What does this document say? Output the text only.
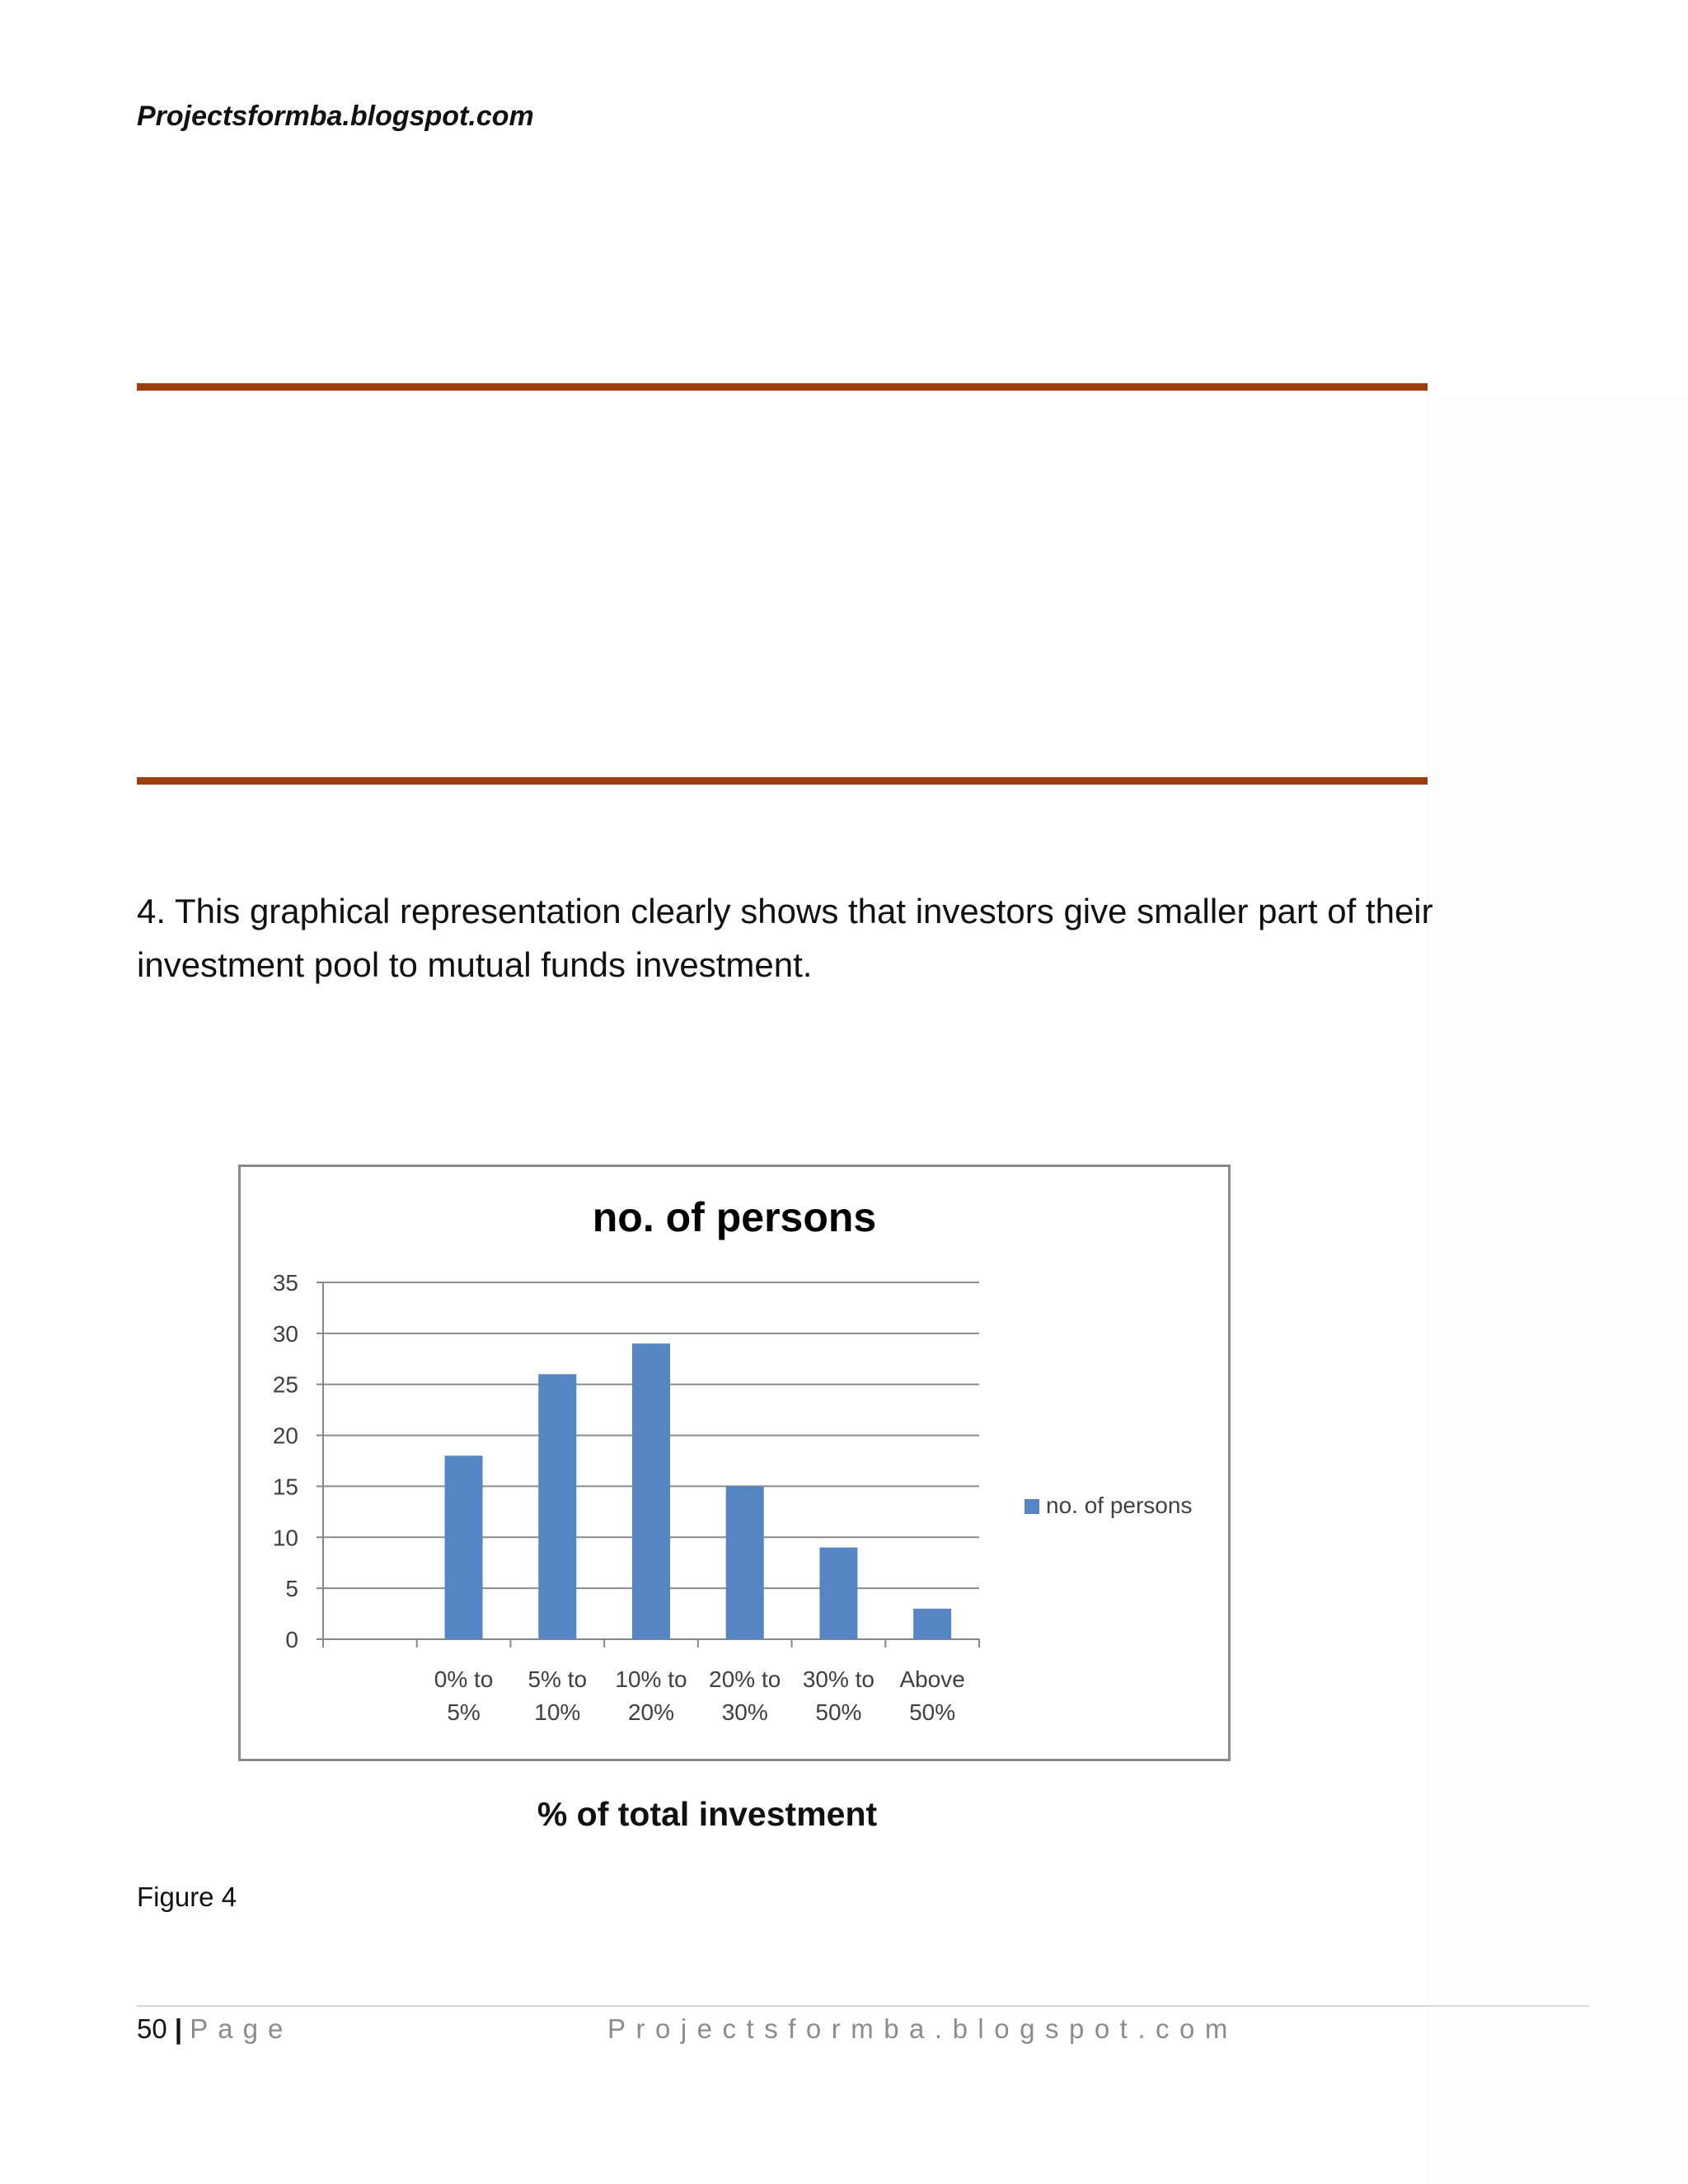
Projectsformba.blogspot.com
4. This graphical representation clearly shows that investors give smaller part of their investment pool to mutual funds investment.
no. of persons
0
5
10
15
20
25
30
35
0% to
5%
5% to
10%
10% to
20%
20% to
30%
30% to
50%
Above
50%
no. of persons
% of total investment
Figure 4
50 | Page	Projectsformba.blogspot.com
